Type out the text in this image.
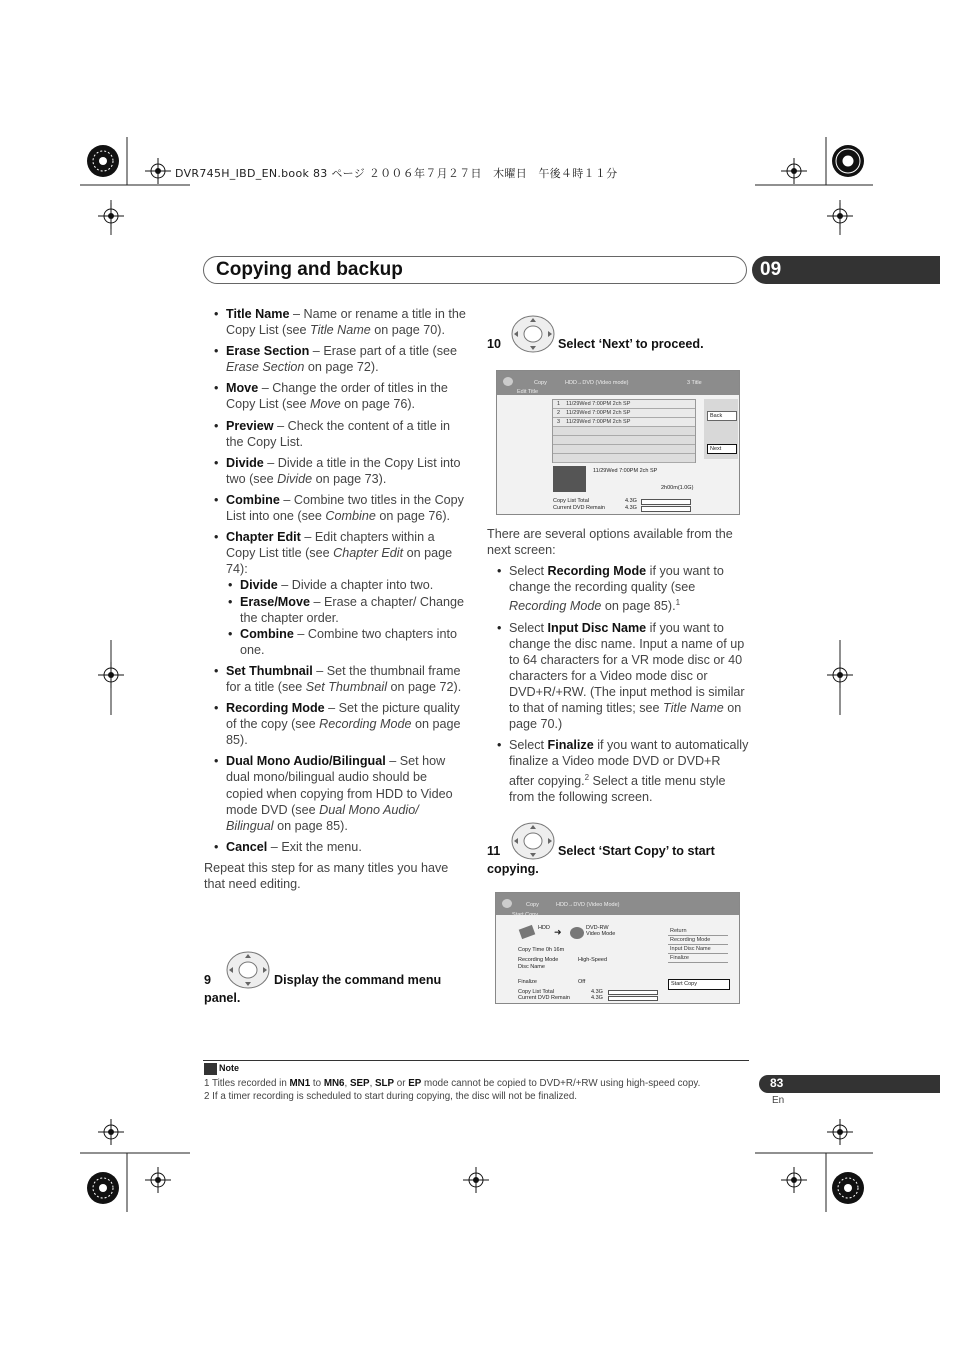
DVR745H_IBD_EN.book 83 ページ ２００６年７月２７日　木曜日　午後４時１１分
Copying and backup	09
• Title Name – Name or rename a title in the Copy List (see Title Name on page 70).
• Erase Section – Erase part of a title (see Erase Section on page 72).
• Move – Change the order of titles in the Copy List (see Move on page 76).
• Preview – Check the content of a title in the Copy List.
• Divide – Divide a title in the Copy List into two (see Divide on page 73).
• Combine – Combine two titles in the Copy List into one (see Combine on page 76).
• Chapter Edit – Edit chapters within a Copy List title (see Chapter Edit on page 74):
• Divide – Divide a chapter into two.
• Erase/Move – Erase a chapter/ Change the chapter order.
• Combine – Combine two chapters into one.
• Set Thumbnail – Set the thumbnail frame for a title (see Set Thumbnail on page 72).
• Recording Mode – Set the picture quality of the copy (see Recording Mode on page 85).
• Dual Mono Audio/Bilingual – Set how dual mono/bilingual audio should be copied when copying from HDD to Video mode DVD (see Dual Mono Audio/ Bilingual on page 85).
• Cancel – Exit the menu.
Repeat this step for as many titles you have that need editing.
9	Display the command menu
panel.
10	Select ‘Next’ to proceed.
Copy	HDD→DVD (Video mode)	3 Title
Edit Title
1 11/29Wed 7:00PM 2ch SP
2 11/29Wed 7:00PM 2ch SP
3 11/29Wed 7:00PM 2ch SP
Back
Next
11/29Wed 7:00PM 2ch SP
2h00m(1.0G)
Copy List Total	4.3G
Current DVD Remain	4.3G
There are several options available from the next screen:
• Select Recording Mode if you want to change the recording quality (see Recording Mode on page 85).$^1$
• Select Input Disc Name if you want to change the disc name. Input a name of up to 64 characters for a VR mode disc or 40 characters for a Video mode disc or DVD+R/+RW. (The input method is similar to that of naming titles; see Title Name on page 70.)
• Select Finalize if you want to automatically finalize a Video mode DVD or DVD+R after copying.$^2$ Select a title menu style from the following screen.
11	Select ‘Start Copy’ to start
copying.
Copy	HDD→DVD (Video Mode)
Start Copy
HDD ➜	DVD-RW
Video Mode
Copy Time 0h 16m
Recording Mode	High-Speed
Disc Name
Finalize	Off
Copy List Total	4.3G
Current DVD Remain	4.3G
Return
Recording Mode
Input Disc Name
Finalize
Start Copy
Note
1 Titles recorded in MN1 to MN6, SEP, SLP or EP mode cannot be copied to DVD+R/+RW using high-speed copy.
2 If a timer recording is scheduled to start during copying, the disc will not be finalized.
83
En
